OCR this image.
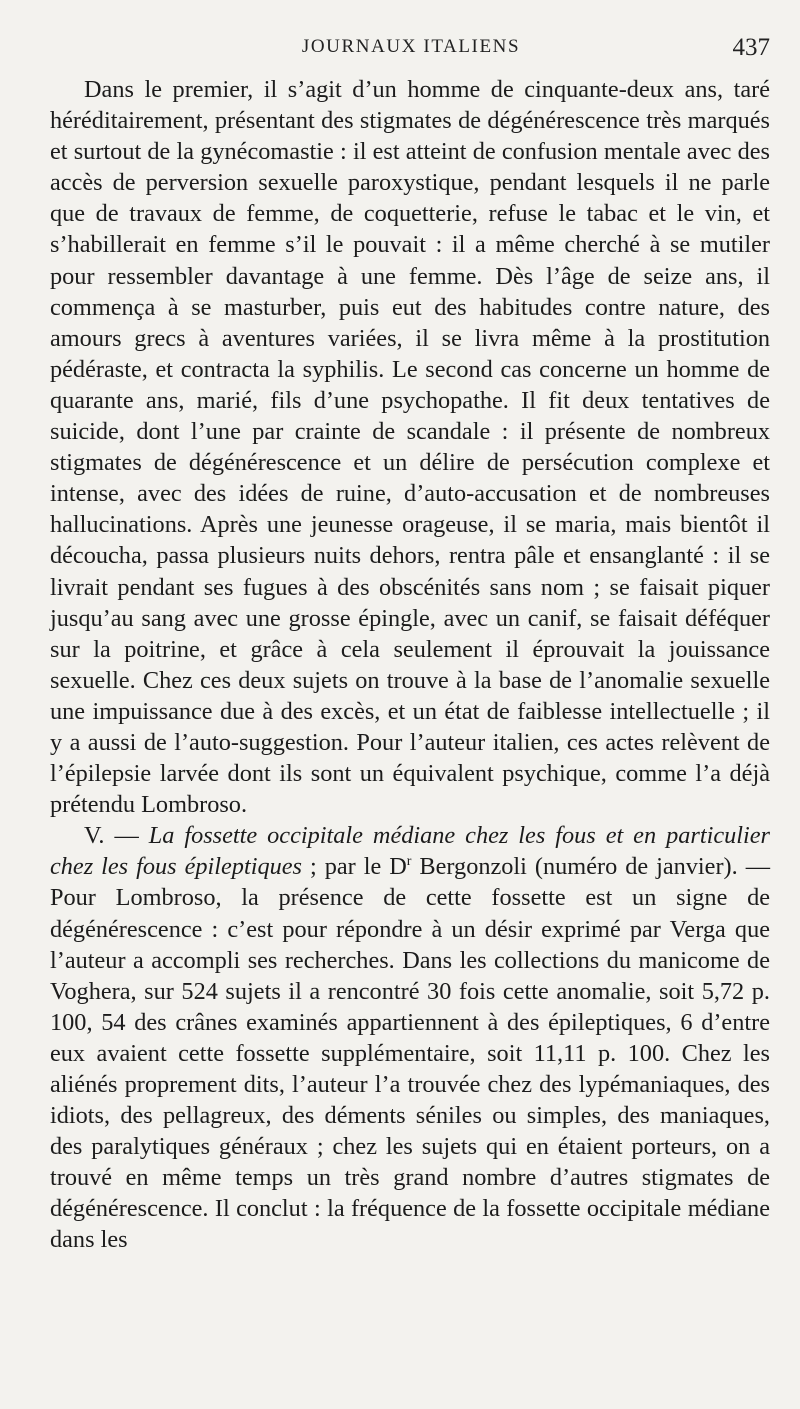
JOURNAUX ITALIENS	437

Dans le premier, il s’agit d’un homme de cinquante-deux ans, taré héréditairement, présentant des stigmates de dégénérescence très marqués et surtout de la gynécomastie : il est atteint de confusion mentale avec des accès de perversion sexuelle paroxystique, pendant lesquels il ne parle que de travaux de femme, de coquetterie, refuse le tabac et le vin, et s’habillerait en femme s’il le pouvait : il a même cherché à se mutiler pour ressembler davantage à une femme. Dès l’âge de seize ans, il commença à se masturber, puis eut des habitudes contre nature, des amours grecs à aventures variées, il se livra même à la prostitution pédéraste, et contracta la syphilis. Le second cas concerne un homme de quarante ans, marié, fils d’une psychopathe. Il fit deux tentatives de suicide, dont l’une par crainte de scandale : il présente de nombreux stigmates de dégénérescence et un délire de persécution complexe et intense, avec des idées de ruine, d’auto-accusation et de nombreuses hallucinations. Après une jeunesse orageuse, il se maria, mais bientôt il découcha, passa plusieurs nuits dehors, rentra pâle et ensanglanté : il se livrait pendant ses fugues à des obscénités sans nom ; se faisait piquer jusqu’au sang avec une grosse épingle, avec un canif, se faisait déféquer sur la poitrine, et grâce à cela seulement il éprouvait la jouissance sexuelle. Chez ces deux sujets on trouve à la base de l’anomalie sexuelle une impuissance due à des excès, et un état de faiblesse intellectuelle ; il y a aussi de l’auto-suggestion. Pour l’auteur italien, ces actes relèvent de l’épilepsie larvée dont ils sont un équivalent psychique, comme l’a déjà prétendu Lombroso.

V. — La fossette occipitale médiane chez les fous et en particulier chez les fous épileptiques ; par le $D^r$ Bergonzoli (numéro de janvier). — Pour Lombroso, la présence de cette fossette est un signe de dégénérescence : c’est pour répondre à un désir exprimé par Verga que l’auteur a accompli ses recherches. Dans les collections du manicome de Voghera, sur 524 sujets il a rencontré 30 fois cette anomalie, soit 5,72 p. 100, 54 des crânes examinés appartiennent à des épileptiques, 6 d’entre eux avaient cette fossette supplémentaire, soit 11,11 p. 100. Chez les aliénés proprement dits, l’auteur l’a trouvée chez des lypémaniaques, des idiots, des pellagreux, des déments séniles ou simples, des maniaques, des paralytiques généraux ; chez les sujets qui en étaient porteurs, on a trouvé en même temps un très grand nombre d’autres stigmates de dégénérescence. Il conclut : la fréquence de la fossette occipitale médiane dans les
